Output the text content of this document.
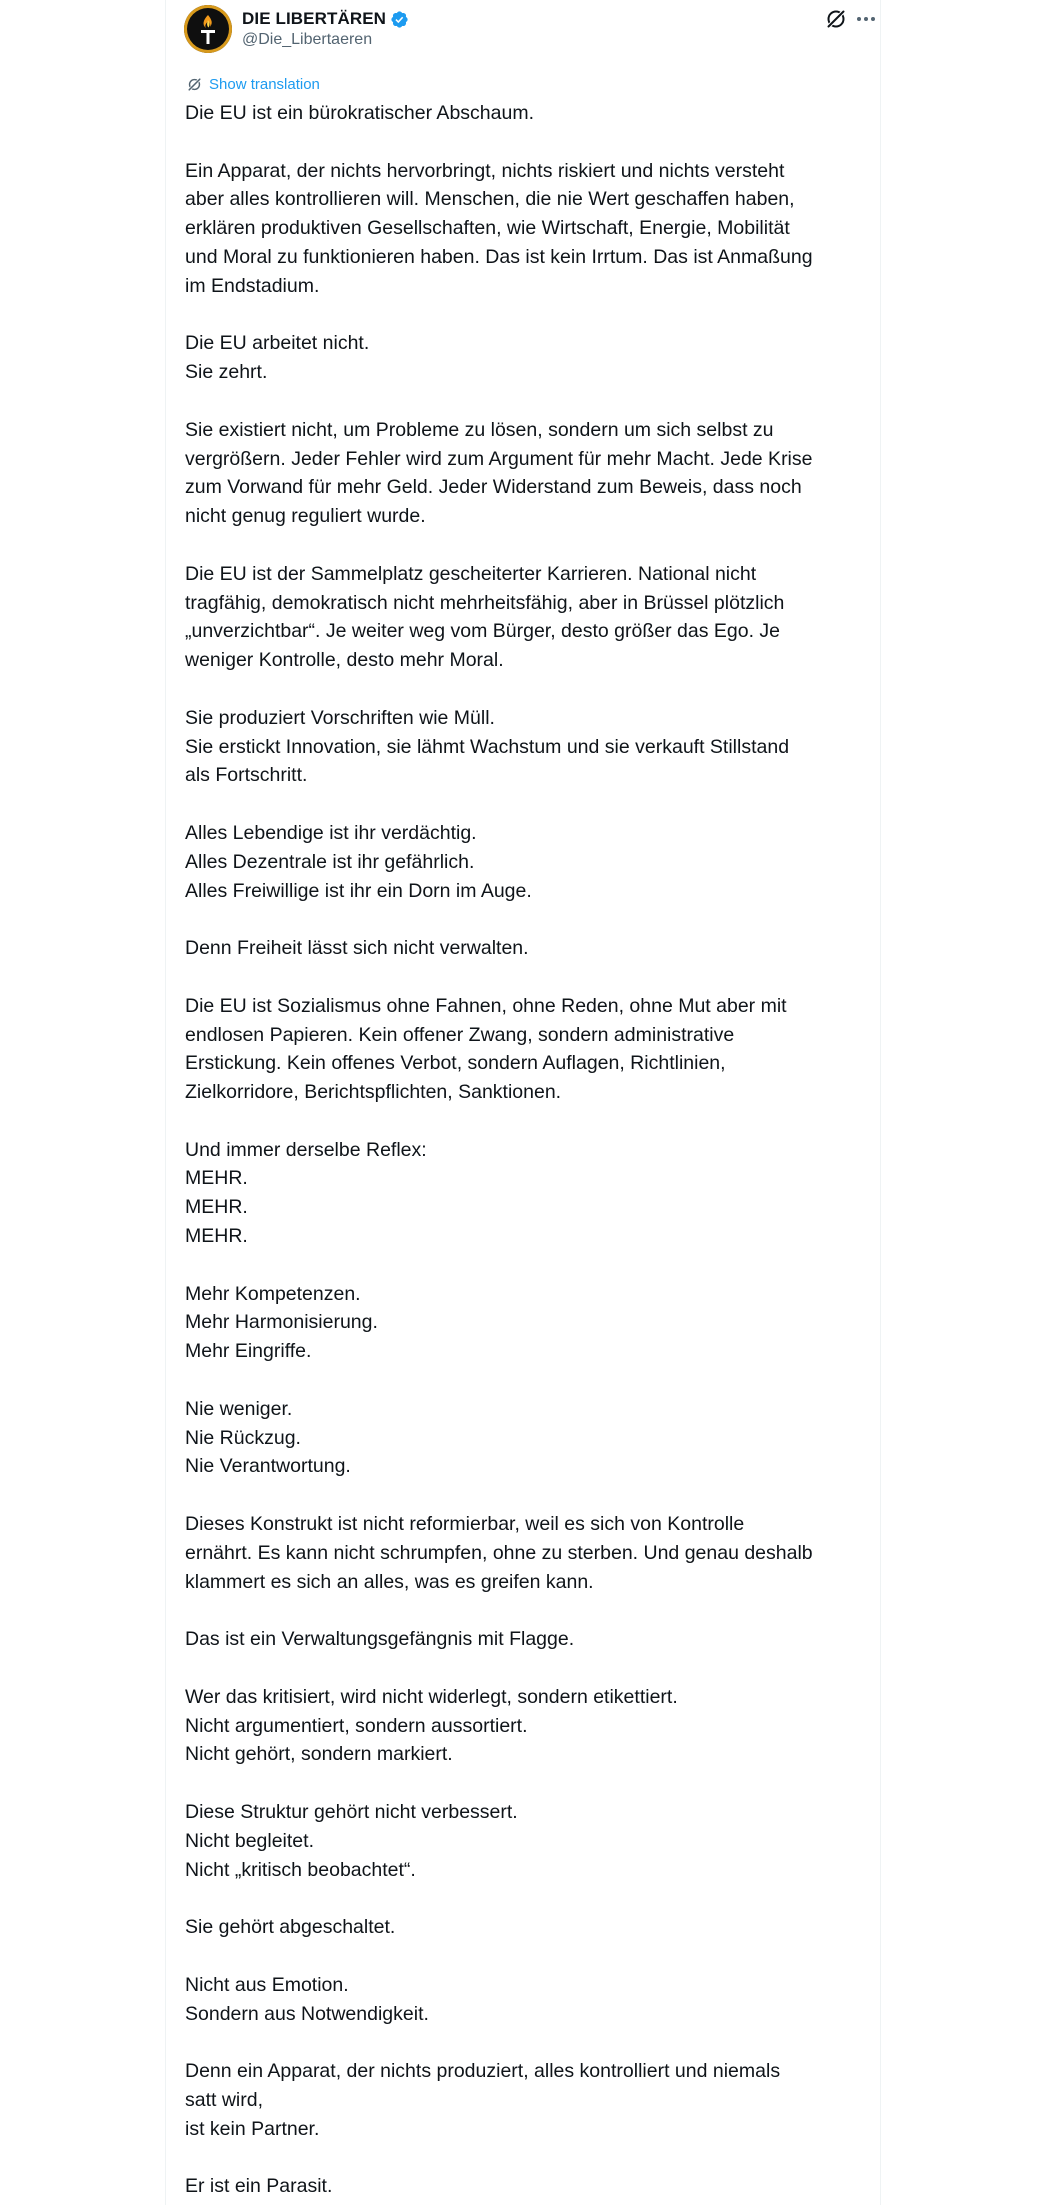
DIE LIBERTÄREN
@Die_Libertaeren
Show translation
Die EU ist ein bürokratischer Abschaum.
Ein Apparat, der nichts hervorbringt, nichts riskiert und nichts versteht
aber alles kontrollieren will. Menschen, die nie Wert geschaffen haben,
erklären produktiven Gesellschaften, wie Wirtschaft, Energie, Mobilität
und Moral zu funktionieren haben. Das ist kein Irrtum. Das ist Anmaßung
im Endstadium.
Die EU arbeitet nicht.
Sie zehrt.
Sie existiert nicht, um Probleme zu lösen, sondern um sich selbst zu
vergrößern. Jeder Fehler wird zum Argument für mehr Macht. Jede Krise
zum Vorwand für mehr Geld. Jeder Widerstand zum Beweis, dass noch
nicht genug reguliert wurde.
Die EU ist der Sammelplatz gescheiterter Karrieren. National nicht
tragfähig, demokratisch nicht mehrheitsfähig, aber in Brüssel plötzlich
„unverzichtbar“. Je weiter weg vom Bürger, desto größer das Ego. Je
weniger Kontrolle, desto mehr Moral.
Sie produziert Vorschriften wie Müll.
Sie erstickt Innovation, sie lähmt Wachstum und sie verkauft Stillstand
als Fortschritt.
Alles Lebendige ist ihr verdächtig.
Alles Dezentrale ist ihr gefährlich.
Alles Freiwillige ist ihr ein Dorn im Auge.
Denn Freiheit lässt sich nicht verwalten.
Die EU ist Sozialismus ohne Fahnen, ohne Reden, ohne Mut aber mit
endlosen Papieren. Kein offener Zwang, sondern administrative
Erstickung. Kein offenes Verbot, sondern Auflagen, Richtlinien,
Zielkorridore, Berichtspflichten, Sanktionen.
Und immer derselbe Reflex:
MEHR.
MEHR.
MEHR.
Mehr Kompetenzen.
Mehr Harmonisierung.
Mehr Eingriffe.
Nie weniger.
Nie Rückzug.
Nie Verantwortung.
Dieses Konstrukt ist nicht reformierbar, weil es sich von Kontrolle
ernährt. Es kann nicht schrumpfen, ohne zu sterben. Und genau deshalb
klammert es sich an alles, was es greifen kann.
Das ist ein Verwaltungsgefängnis mit Flagge.
Wer das kritisiert, wird nicht widerlegt, sondern etikettiert.
Nicht argumentiert, sondern aussortiert.
Nicht gehört, sondern markiert.
Diese Struktur gehört nicht verbessert.
Nicht begleitet.
Nicht „kritisch beobachtet“.
Sie gehört abgeschaltet.
Nicht aus Emotion.
Sondern aus Notwendigkeit.
Denn ein Apparat, der nichts produziert, alles kontrolliert und niemals
satt wird,
ist kein Partner.
Er ist ein Parasit.
